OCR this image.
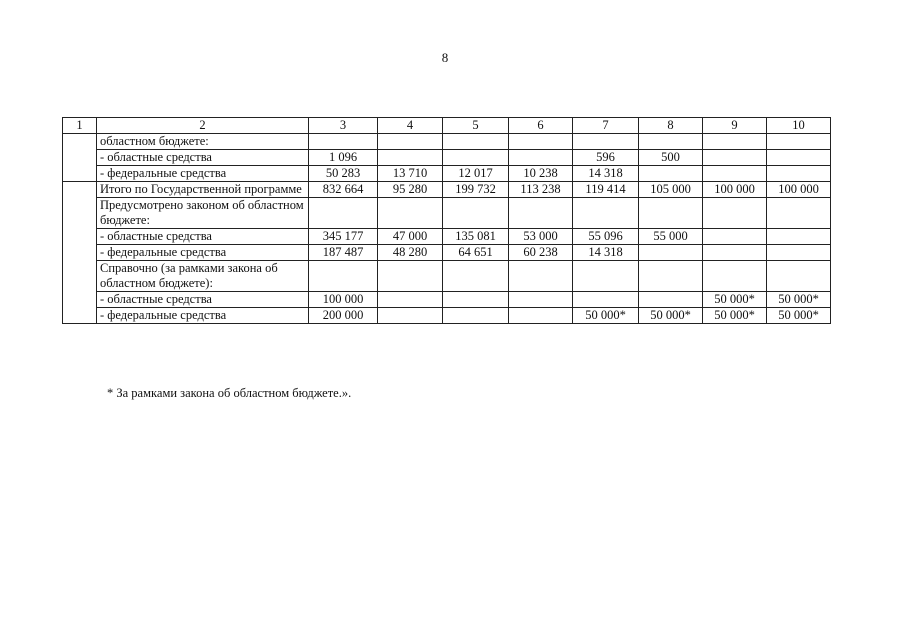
8
1	2	3	4	5	6	7	8	9	10
	областном бюджете:								
	- областные средства	1 096				596	500		
	- федеральные средства	50 283	13 710	12 017	10 238	14 318			
	Итого по Государственной программе	832 664	95 280	199 732	113 238	119 414	105 000	100 000	100 000
	Предусмотрено законом об областном бюджете:								
	- областные средства	345 177	47 000	135 081	53 000	55 096	55 000		
	- федеральные средства	187 487	48 280	64 651	60 238	14 318			
	Справочно (за рамками закона об областном бюджете):								
	- областные средства	100 000						50 000*	50 000*
	- федеральные средства	200 000				50 000*	50 000*	50 000*	50 000*
* За рамками закона об областном бюджете.».
